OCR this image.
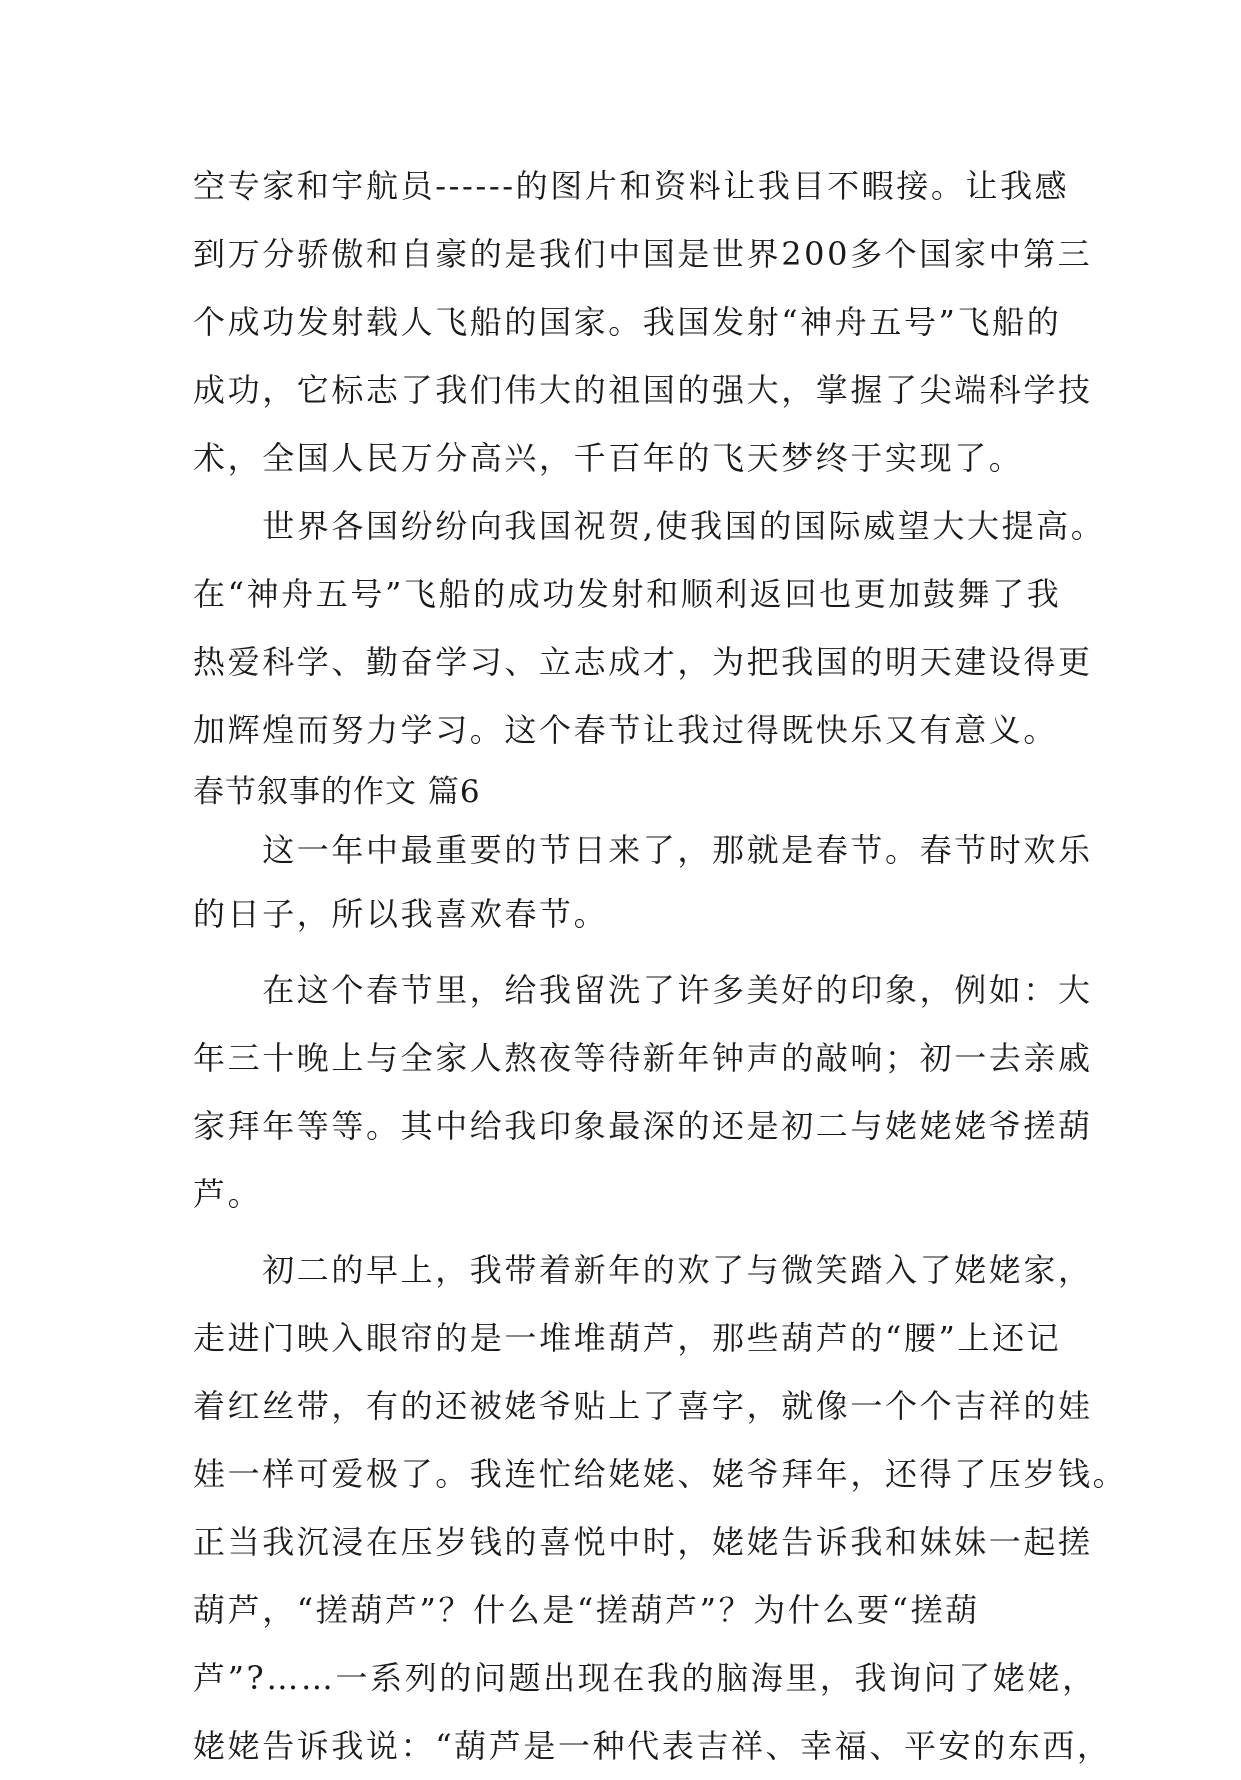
空专家和宇航员------的图片和资料让我目不暇接。让我感
到万分骄傲和自豪的是我们中国是世界200多个国家中第三
个成功发射载人飞船的国家。我国发射“神舟五号”飞船的
成功，它标志了我们伟大的祖国的强大，掌握了尖端科学技
术，全国人民万分高兴，千百年的飞天梦终于实现了。
　　世界各国纷纷向我国祝贺,使我国的国际威望大大提高。
在“神舟五号”飞船的成功发射和顺利返回也更加鼓舞了我
热爱科学、勤奋学习、立志成才，为把我国的明天建设得更
加辉煌而努力学习。这个春节让我过得既快乐又有意义。
春节叙事的作文 篇6
　　这一年中最重要的节日来了，那就是春节。春节时欢乐
的日子，所以我喜欢春节。
　　在这个春节里，给我留洗了许多美好的印象，例如：大
年三十晚上与全家人熬夜等待新年钟声的敲响；初一去亲戚
家拜年等等。其中给我印象最深的还是初二与姥姥姥爷搓葫
芦。
　　初二的早上，我带着新年的欢了与微笑踏入了姥姥家，
走进门映入眼帘的是一堆堆葫芦，那些葫芦的“腰”上还记
着红丝带，有的还被姥爷贴上了喜字，就像一个个吉祥的娃
娃一样可爱极了。我连忙给姥姥、姥爷拜年，还得了压岁钱。
正当我沉浸在压岁钱的喜悦中时，姥姥告诉我和妹妹一起搓
葫芦，“搓葫芦”？什么是“搓葫芦”？为什么要“搓葫
芦”?……一系列的问题出现在我的脑海里，我询问了姥姥，
姥姥告诉我说：“葫芦是一种代表吉祥、幸福、平安的东西，
